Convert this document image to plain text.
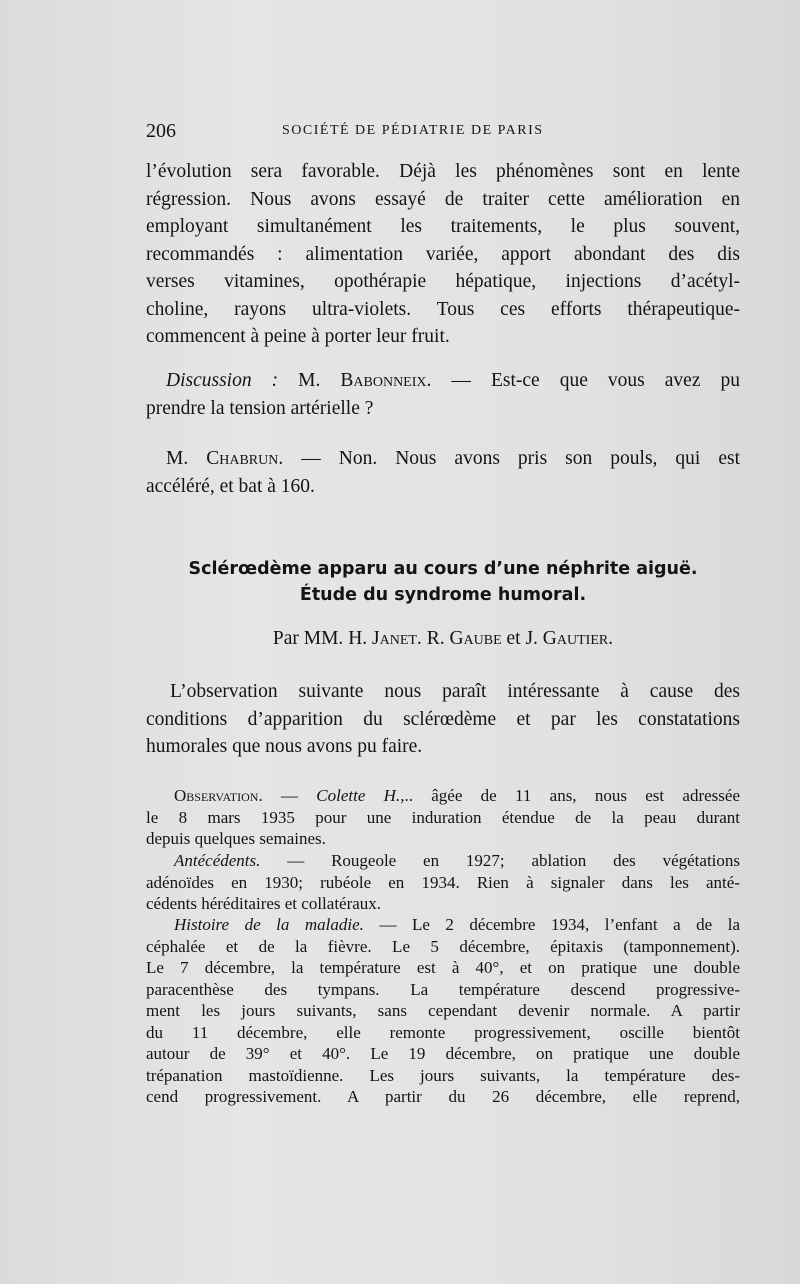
206	SOCIÉTÉ DE PÉDIATRIE DE PARIS
l’évolution sera favorable. Déjà les phénomènes sont en lente
régression. Nous avons essayé de traiter cette amélioration en
employant simultanément les traitements, le plus souvent,
recommandés : alimentation variée, apport abondant des dis
verses vitamines, opothérapie hépatique, injections d’acétyl-
choline, rayons ultra-violets. Tous ces efforts thérapeutique-
commencent à peine à porter leur fruit.
Discussion : M. Babonneix. — Est-ce que vous avez pu
prendre la tension artérielle ?
M. Chabrun. — Non. Nous avons pris son pouls, qui est
accéléré, et bat à 160.
Sclérœdème apparu au cours d’une néphrite aiguë.
Étude du syndrome humoral.
Par MM. H. Janet. R. Gaube et J. Gautier.
L’observation suivante nous paraît intéressante à cause des
conditions d’apparition du sclérœdème et par les constatations
humorales que nous avons pu faire.
Observation. — Colette H.,.. âgée de 11 ans, nous est adressée
le 8 mars 1935 pour une induration étendue de la peau durant
depuis quelques semaines.
Antécédents. — Rougeole en 1927; ablation des végétations
adénoïdes en 1930; rubéole en 1934. Rien à signaler dans les anté-
cédents héréditaires et collatéraux.
Histoire de la maladie. — Le 2 décembre 1934, l’enfant a de la
céphalée et de la fièvre. Le 5 décembre, épitaxis (tamponnement).
Le 7 décembre, la température est à 40°, et on pratique une double
paracenthèse des tympans. La température descend progressive-
ment les jours suivants, sans cependant devenir normale. A partir
du 11 décembre, elle remonte progressivement, oscille bientôt
autour de 39° et 40°. Le 19 décembre, on pratique une double
trépanation mastoïdienne. Les jours suivants, la température des-
cend progressivement. A partir du 26 décembre, elle reprend,
